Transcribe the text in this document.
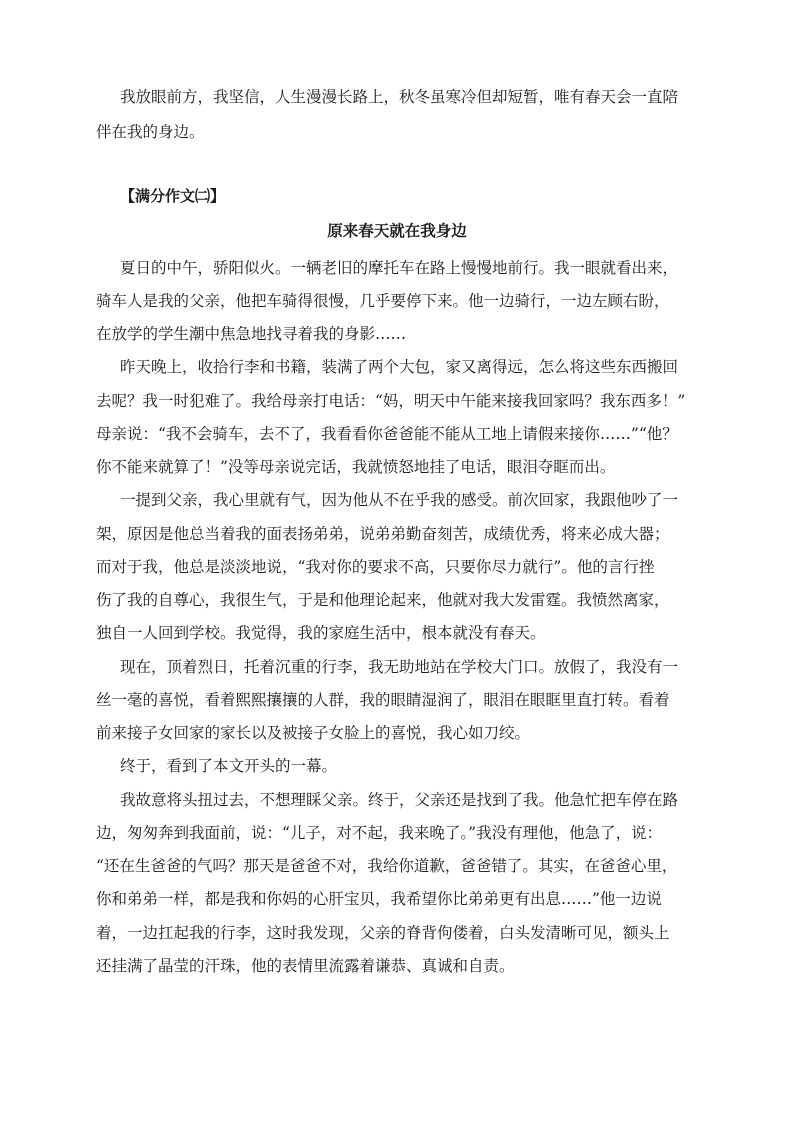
我放眼前方，我坚信，人生漫漫长路上，秋冬虽寒冷但却短暂，唯有春天会一直陪
伴在我的身边。
【满分作文㈡】
原来春天就在我身边
夏日的中午，骄阳似火。一辆老旧的摩托车在路上慢慢地前行。我一眼就看出来，
骑车人是我的父亲，他把车骑得很慢，几乎要停下来。他一边骑行，一边左顾右盼，
在放学的学生潮中焦急地找寻着我的身影……
昨天晚上，收拾行李和书籍，装满了两个大包，家又离得远，怎么将这些东西搬回
去呢？我一时犯难了。我给母亲打电话：“妈，明天中午能来接我回家吗？我东西多！”
母亲说：“我不会骑车，去不了，我看看你爸爸能不能从工地上请假来接你……”“他？
你不能来就算了！”没等母亲说完话，我就愤怒地挂了电话，眼泪夺眶而出。
一提到父亲，我心里就有气，因为他从不在乎我的感受。前次回家，我跟他吵了一
架，原因是他总当着我的面表扬弟弟，说弟弟勤奋刻苦，成绩优秀，将来必成大器；
而对于我，他总是淡淡地说，“我对你的要求不高，只要你尽力就行”。他的言行挫
伤了我的自尊心，我很生气，于是和他理论起来，他就对我大发雷霆。我愤然离家，
独自一人回到学校。我觉得，我的家庭生活中，根本就没有春天。
现在，顶着烈日，托着沉重的行李，我无助地站在学校大门口。放假了，我没有一
丝一毫的喜悦，看着熙熙攘攘的人群，我的眼睛湿润了，眼泪在眼眶里直打转。看着
前来接子女回家的家长以及被接子女脸上的喜悦，我心如刀绞。
终于，看到了本文开头的一幕。
我故意将头扭过去，不想理睬父亲。终于，父亲还是找到了我。他急忙把车停在路
边，匆匆奔到我面前，说：“儿子，对不起，我来晚了。”我没有理他，他急了，说：
“还在生爸爸的气吗？那天是爸爸不对，我给你道歉，爸爸错了。其实，在爸爸心里，
你和弟弟一样，都是我和你妈的心肝宝贝，我希望你比弟弟更有出息……”他一边说
着，一边扛起我的行李，这时我发现，父亲的脊背佝偻着，白头发清晰可见，额头上
还挂满了晶莹的汗珠，他的表情里流露着谦恭、真诚和自责。
